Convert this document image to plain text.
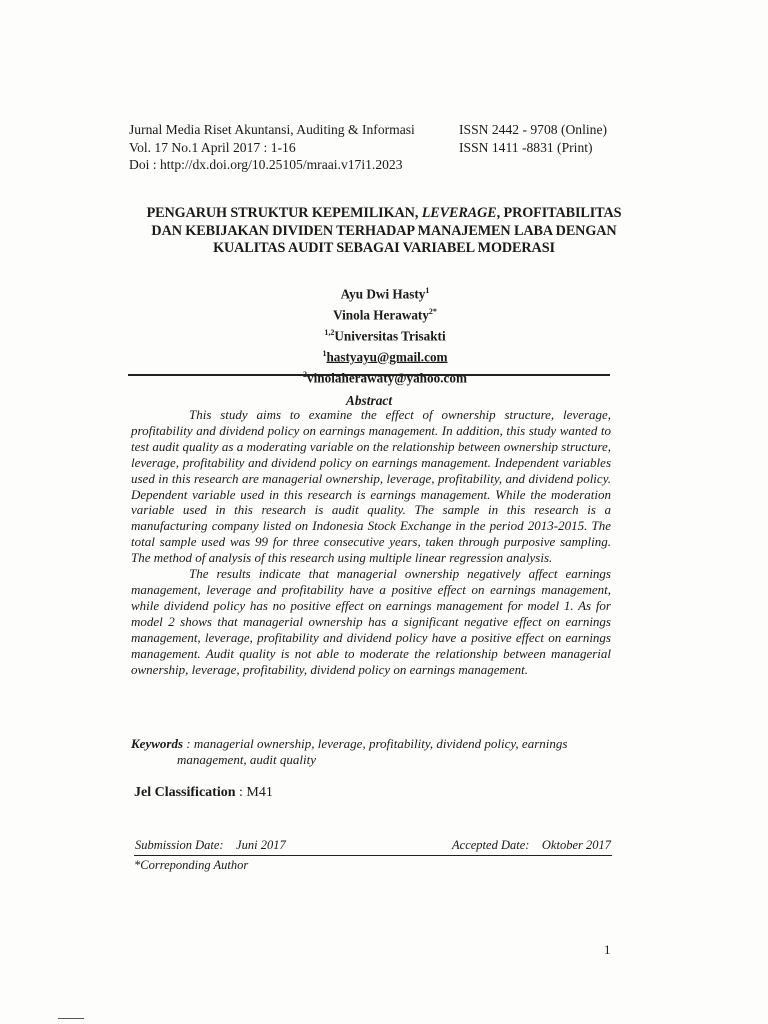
Jurnal Media Riset Akuntansi, Auditing & Informasi
Vol. 17 No.1 April 2017 : 1-16
Doi : http://dx.doi.org/10.25105/mraai.v17i1.2023
ISSN 2442 - 9708 (Online)
ISSN 1411 -8831 (Print)
PENGARUH STRUKTUR KEPEMILIKAN, LEVERAGE, PROFITABILITAS
DAN KEBIJAKAN DIVIDEN TERHADAP MANAJEMEN LABA DENGAN
KUALITAS AUDIT SEBAGAI VARIABEL MODERASI
Ayu Dwi Hasty$^1$
Vinola Herawaty$^{2*}$
$^{1,2}$Universitas Trisakti
$^1$hastyayu@gmail.com
$^2$vinolaherawaty@yahoo.com
Abstract

This study aims to examine the effect of ownership structure, leverage, profitability and dividend policy on earnings management. In addition, this study wanted to test audit quality as a moderating variable on the relationship between ownership structure, leverage, profitability and dividend policy on earnings management. Independent variables used in this research are managerial ownership, leverage, profitability, and dividend policy. Dependent variable used in this research is earnings management. While the moderation variable used in this research is audit quality. The sample in this research is a manufacturing company listed on Indonesia Stock Exchange in the period 2013-2015. The total sample used was 99 for three consecutive years, taken through purposive sampling. The method of analysis of this research using multiple linear regression analysis.

The results indicate that managerial ownership negatively affect earnings management, leverage and profitability have a positive effect on earnings management, while dividend policy has no positive effect on earnings management for model 1. As for model 2 shows that managerial ownership has a significant negative effect on earnings management, leverage, profitability and dividend policy have a positive effect on earnings management. Audit quality is not able to moderate the relationship between managerial ownership, leverage, profitability, dividend policy on earnings management.

Keywords : managerial ownership, leverage, profitability, dividend policy, earnings management, audit quality
Jel Classification : M41
Submission Date: Juni 2017	Accepted Date: Oktober 2017
*Correponding Author
1
